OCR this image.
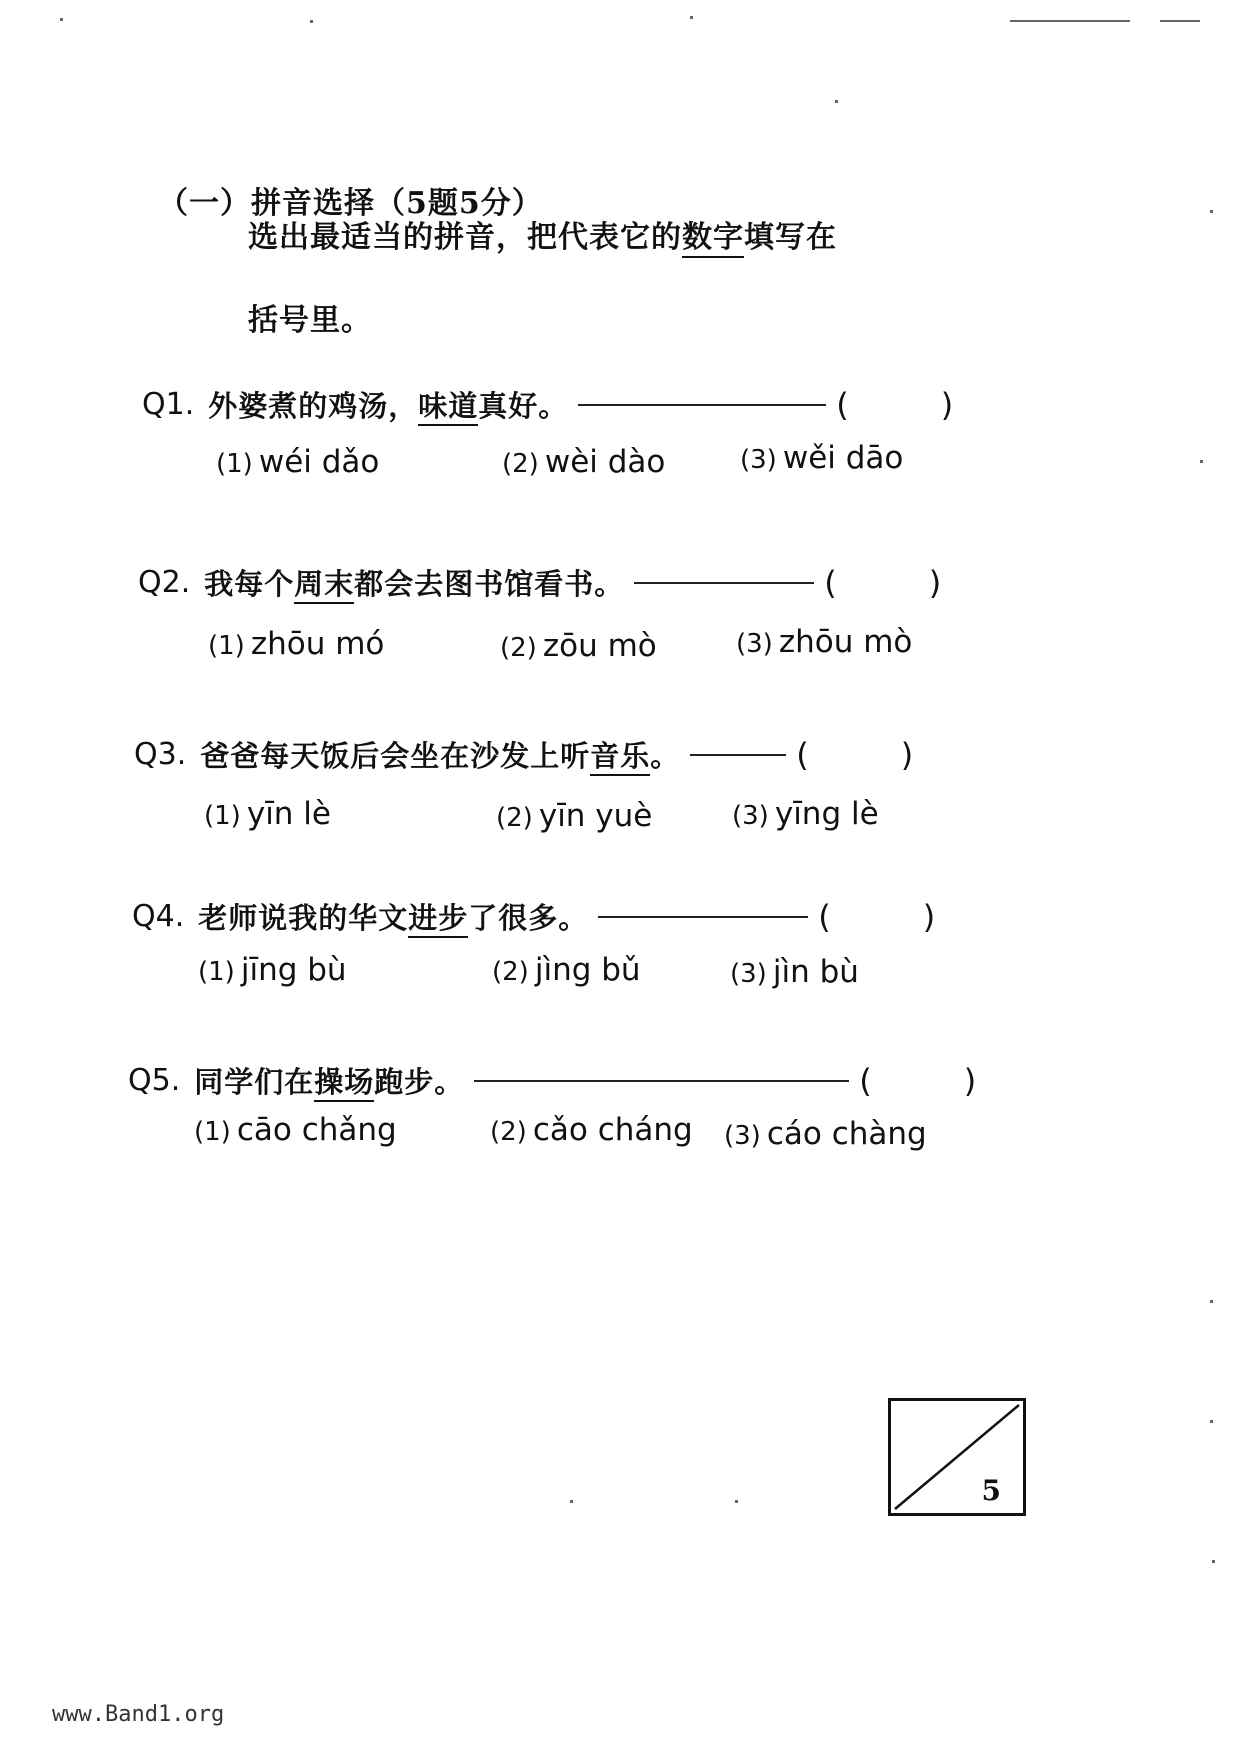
（一）拼音选择（5题5分）
选出最适当的拼音，把代表它的数字填写在
括号里。
Q1. 外婆煮的鸡汤，味道真好。	(	)
(1) wéi dǎo	(2) wèi dào	(3) wěi dāo
Q2. 我每个周末都会去图书馆看书。	(	)
(1) zhōu mó	(2) zōu mò	(3) zhōu mò
Q3. 爸爸每天饭后会坐在沙发上听音乐。	(	)
(1) yīn lè	(2) yīn yuè	(3) yīng lè
Q4. 老师说我的华文进步了很多。	(	)
(1) jīng bù	(2) jìng bǔ	(3) jìn bù
Q5. 同学们在操场跑步。	(	)
(1) cāo chǎng	(2) cǎo cháng (3) cáo chàng
5
www.Band1.org
